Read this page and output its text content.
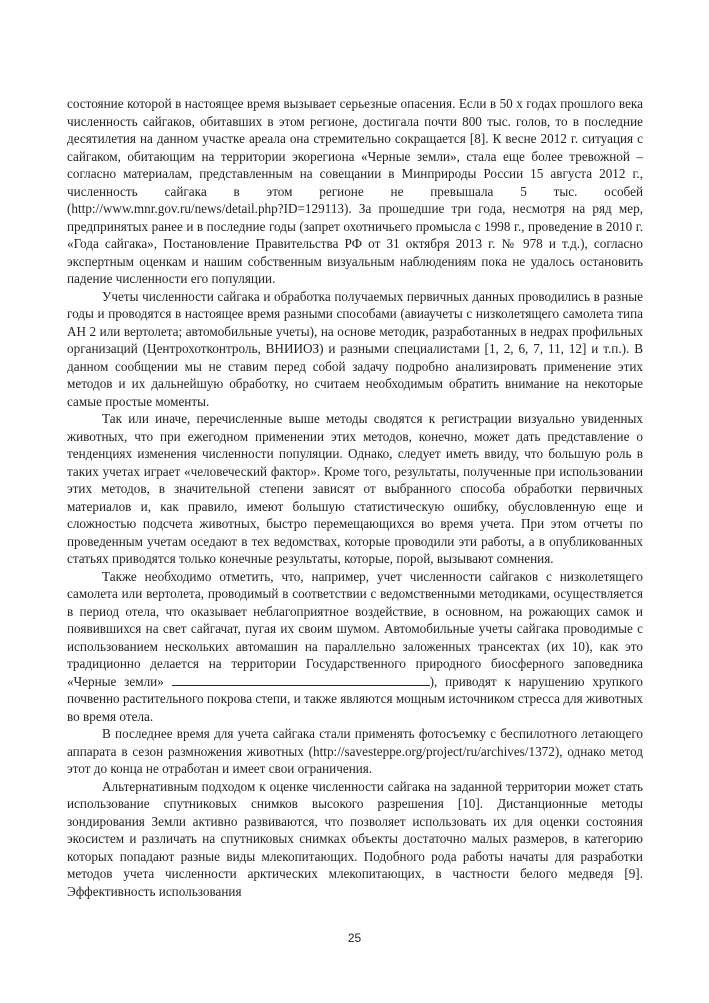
состояние которой в настоящее время вызывает серьезные опасения. Если в 50 х годах прошлого века численность сайгаков, обитавших в этом регионе, достигала почти 800 тыс. голов, то в последние десятилетия на данном участке ареала она стремительно сокращается [8]. К весне 2012 г. ситуация с сайгаком, обитающим на территории экорегиона «Черные земли», стала еще более тревожной – согласно материалам, представленным на совещании в Минприроды России 15 августа 2012 г., численность сайгака в этом регионе не превышала 5 тыс. особей (http://www.mnr.gov.ru/news/detail.php?ID=129113). За прошедшие три года, несмотря на ряд мер, предпринятых ранее и в последние годы (запрет охотничьего промысла с 1998 г., проведение в 2010 г. «Года сайгака», Постановление Правительства РФ от 31 октября 2013 г. № 978 и т.д.), согласно экспертным оценкам и нашим собственным визуальным наблюдениям пока не удалось остановить падение численности его популяции.

Учеты численности сайгака и обработка получаемых первичных данных проводились в разные годы и проводятся в настоящее время разными способами (авиаучеты с низколетящего самолета типа АН 2 или вертолета; автомобильные учеты), на основе методик, разработанных в недрах профильных организаций (Центрохотконтроль, ВНИИОЗ) и разными специалистами [1, 2, 6, 7, 11, 12] и т.п.). В данном сообщении мы не ставим перед собой задачу подробно анализировать применение этих методов и их дальнейшую обработку, но считаем необходимым обратить внимание на некоторые самые простые моменты.

Так или иначе, перечисленные выше методы сводятся к регистрации визуально увиденных животных, что при ежегодном применении этих методов, конечно, может дать представление о тенденциях изменения численности популяции. Однако, следует иметь ввиду, что большую роль в таких учетах играет «человеческий фактор». Кроме того, результаты, полученные при использовании этих методов, в значительной степени зависят от выбранного способа обработки первичных материалов и, как правило, имеют большую статистическую ошибку, обусловленную еще и сложностью подсчета животных, быстро перемещающихся во время учета. При этом отчеты по проведенным учетам оседают в тех ведомствах, которые проводили эти работы, а в опубликованных статьях приводятся только конечные результаты, которые, порой, вызывают сомнения.

Также необходимо отметить, что, например, учет численности сайгаков с низколетящего самолета или вертолета, проводимый в соответствии с ведомственными методиками, осуществляется в период отела, что оказывает неблагоприятное воздействие, в основном, на рожающих самок и появившихся на свет сайгачат, пугая их своим шумом. Автомобильные учеты сайгака проводимые с использованием нескольких автомашин на параллельно заложенных трансектах (их 10), как это традиционно делается на территории Государственного природного биосферного заповедника «Черные земли»	), приводят к нарушению хрупкого почвенно растительного покрова степи, и также являются мощным источником стресса для животных во время отела.

В последнее время для учета сайгака стали применять фотосъемку с беспилотного летающего аппарата в сезон размножения животных (http://savesteppe.org/project/ru/archives/1372), однако метод этот до конца не отработан и имеет свои ограничения.

Альтернативным подходом к оценке численности сайгака на заданной территории может стать использование спутниковых снимков высокого разрешения [10]. Дистанционные методы зондирования Земли активно развиваются, что позволяет использовать их для оценки состояния экосистем и различать на спутниковых снимках объекты достаточно малых размеров, в категорию которых попадают разные виды млекопитающих. Подобного рода работы начаты для разработки методов учета численности арктических млекопитающих, в частности белого медведя [9]. Эффективность использования

25
